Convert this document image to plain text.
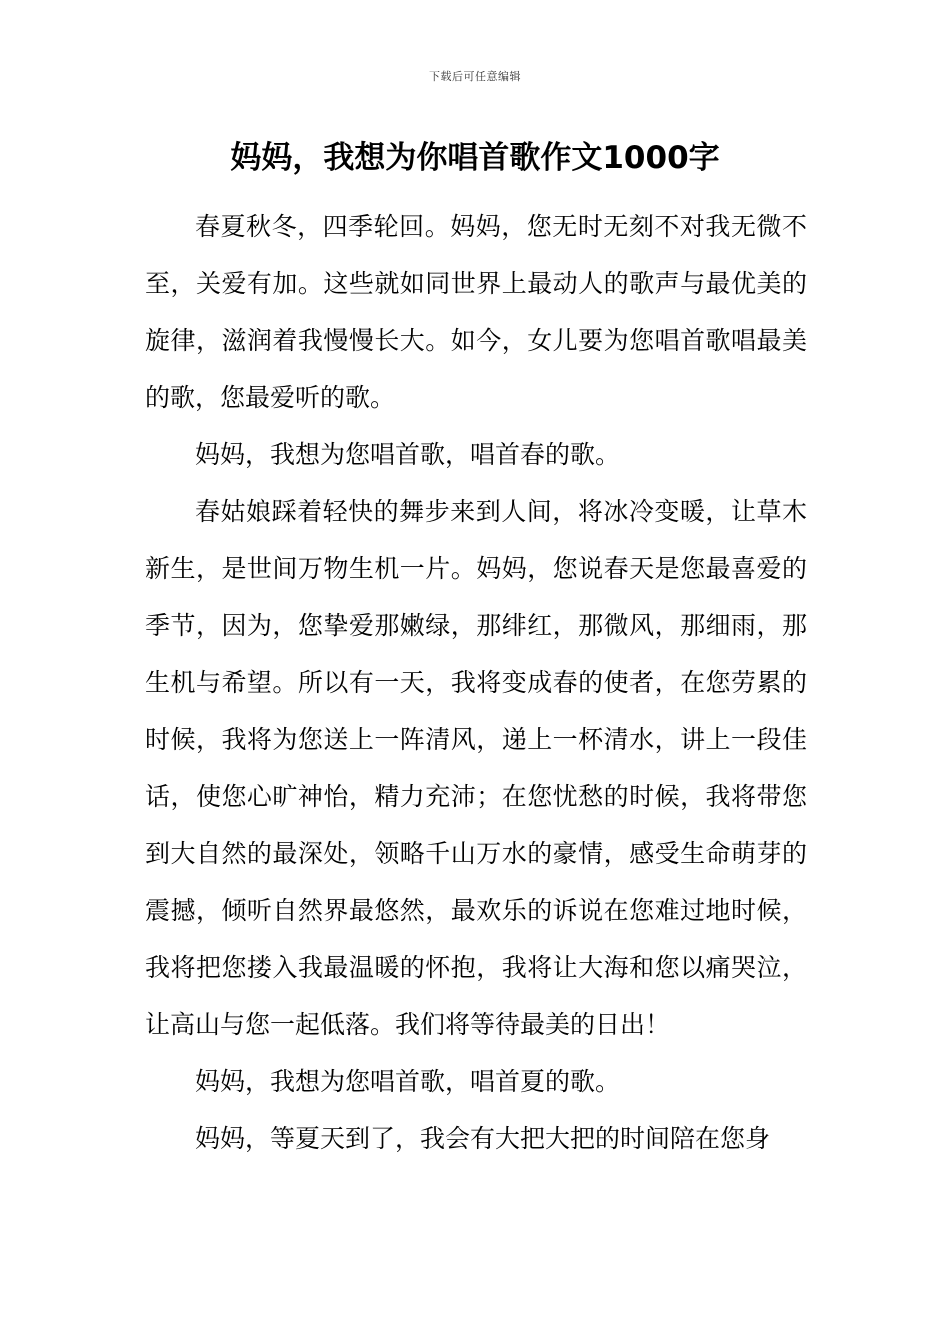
下载后可任意编辑
妈妈，我想为你唱首歌作文1000字

春夏秋冬，四季轮回。妈妈，您无时无刻不对我无微不至，关爱有加。这些就如同世界上最动人的歌声与最优美的旋律，滋润着我慢慢长大。如今，女儿要为您唱首歌唱最美的歌，您最爱听的歌。

妈妈，我想为您唱首歌，唱首春的歌。

春姑娘踩着轻快的舞步来到人间，将冰冷变暖，让草木新生，是世间万物生机一片。妈妈，您说春天是您最喜爱的季节，因为，您挚爱那嫩绿，那绯红，那微风，那细雨，那生机与希望。所以有一天，我将变成春的使者，在您劳累的时候，我将为您送上一阵清风，递上一杯清水，讲上一段佳话，使您心旷神怡，精力充沛；在您忧愁的时候，我将带您到大自然的最深处，领略千山万水的豪情，感受生命萌芽的震撼，倾听自然界最悠然，最欢乐的诉说在您难过地时候，我将把您搂入我最温暖的怀抱，我将让大海和您以痛哭泣，让高山与您一起低落。我们将等待最美的日出！

妈妈，我想为您唱首歌，唱首夏的歌。

妈妈，等夏天到了，我会有大把大把的时间陪在您身
